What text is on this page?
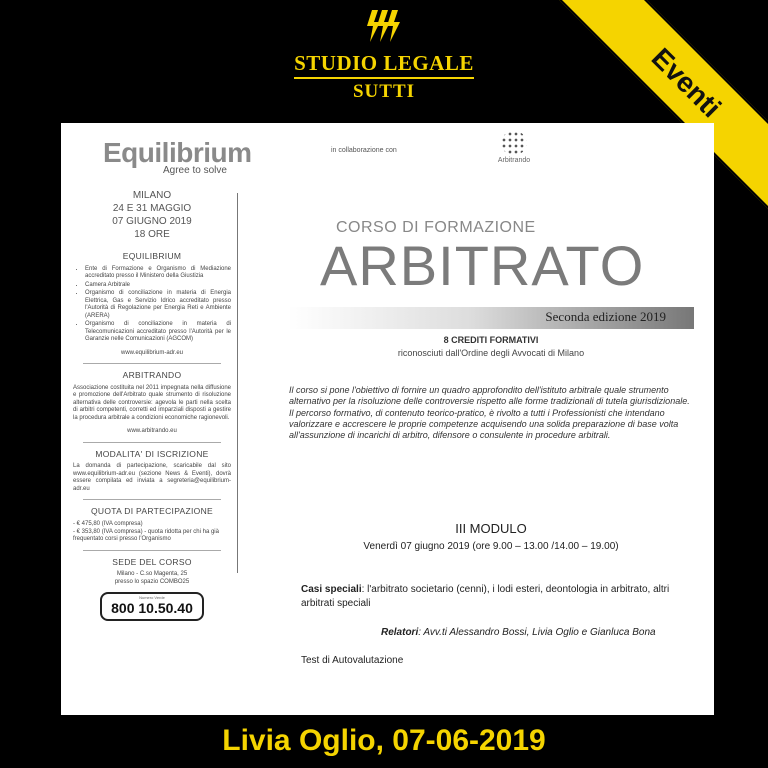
STUDIO LEGALE
SUTTI	Eventi
Equilibrium
Agree to solve
in collaborazione con
Arbitrando
MILANO
24 E 31 MAGGIO
07 GIUGNO 2019
18 ORE
EQUILIBRIUM
• Ente di Formazione e Organismo di Mediazione accreditato presso il Ministero della Giustizia
• Camera Arbitrale
• Organismo di conciliazione in materia di Energia Elettrica, Gas e Servizio Idrico accreditato presso l'Autorità di Regolazione per Energia Reti e Ambiente (ARERA)
• Organismo di conciliazione in materia di Telecomunicazioni accreditato presso l'Autorità per le Garanzie nelle Comunicazioni (AGCOM)
www.equilibrium-adr.eu
ARBITRANDO
Associazione costituita nel 2011 impegnata nella diffusione e promozione dell'Arbitrato quale strumento di risoluzione alternativa delle controversie: agevola le parti nella scelta di arbitri competenti, corretti ed imparziali disposti a gestire la procedura arbitrale a condizioni economiche ragionevoli.
www.arbitrando.eu
MODALITA' DI ISCRIZIONE
La domanda di partecipazione, scaricabile dal sito www.equilibrium-adr.eu (sezione News & Eventi), dovrà essere compilata ed inviata a segreteria@equilibrium-adr.eu
QUOTA DI PARTECIPAZIONE
- € 475,80 (IVA compresa)
- € 353,80 (IVA compresa) - quota ridotta per chi ha già frequentato corsi presso l'Organismo
SEDE DEL CORSO
Milano - C.so Magenta, 25
presso lo spazio COMBO25
Numero Verde
800 10.50.40
CORSO DI FORMAZIONE
ARBITRATO
Seconda edizione 2019
8 CREDITI FORMATIVI
riconosciuti dall'Ordine degli Avvocati di Milano
Il corso si pone l'obiettivo di fornire un quadro approfondito dell'istituto arbitrale quale strumento alternativo per la risoluzione delle controversie rispetto alle forme tradizionali di tutela giurisdizionale.
Il percorso formativo, di contenuto teorico-pratico, è rivolto a tutti i Professionisti che intendano valorizzare e accrescere le proprie competenze acquisendo una solida preparazione di base volta all'assunzione di incarichi di arbitro, difensore o consulente in procedure arbitrali.
III MODULO
Venerdì 07 giugno 2019 (ore 9.00 – 13.00 /14.00 – 19.00)
Casi speciali: l'arbitrato societario (cenni), i lodi esteri, deontologia in arbitrato, altri arbitrati speciali
Relatori: Avv.ti Alessandro Bossi, Livia Oglio e Gianluca Bona
Test di Autovalutazione
Livia Oglio, 07-06-2019
